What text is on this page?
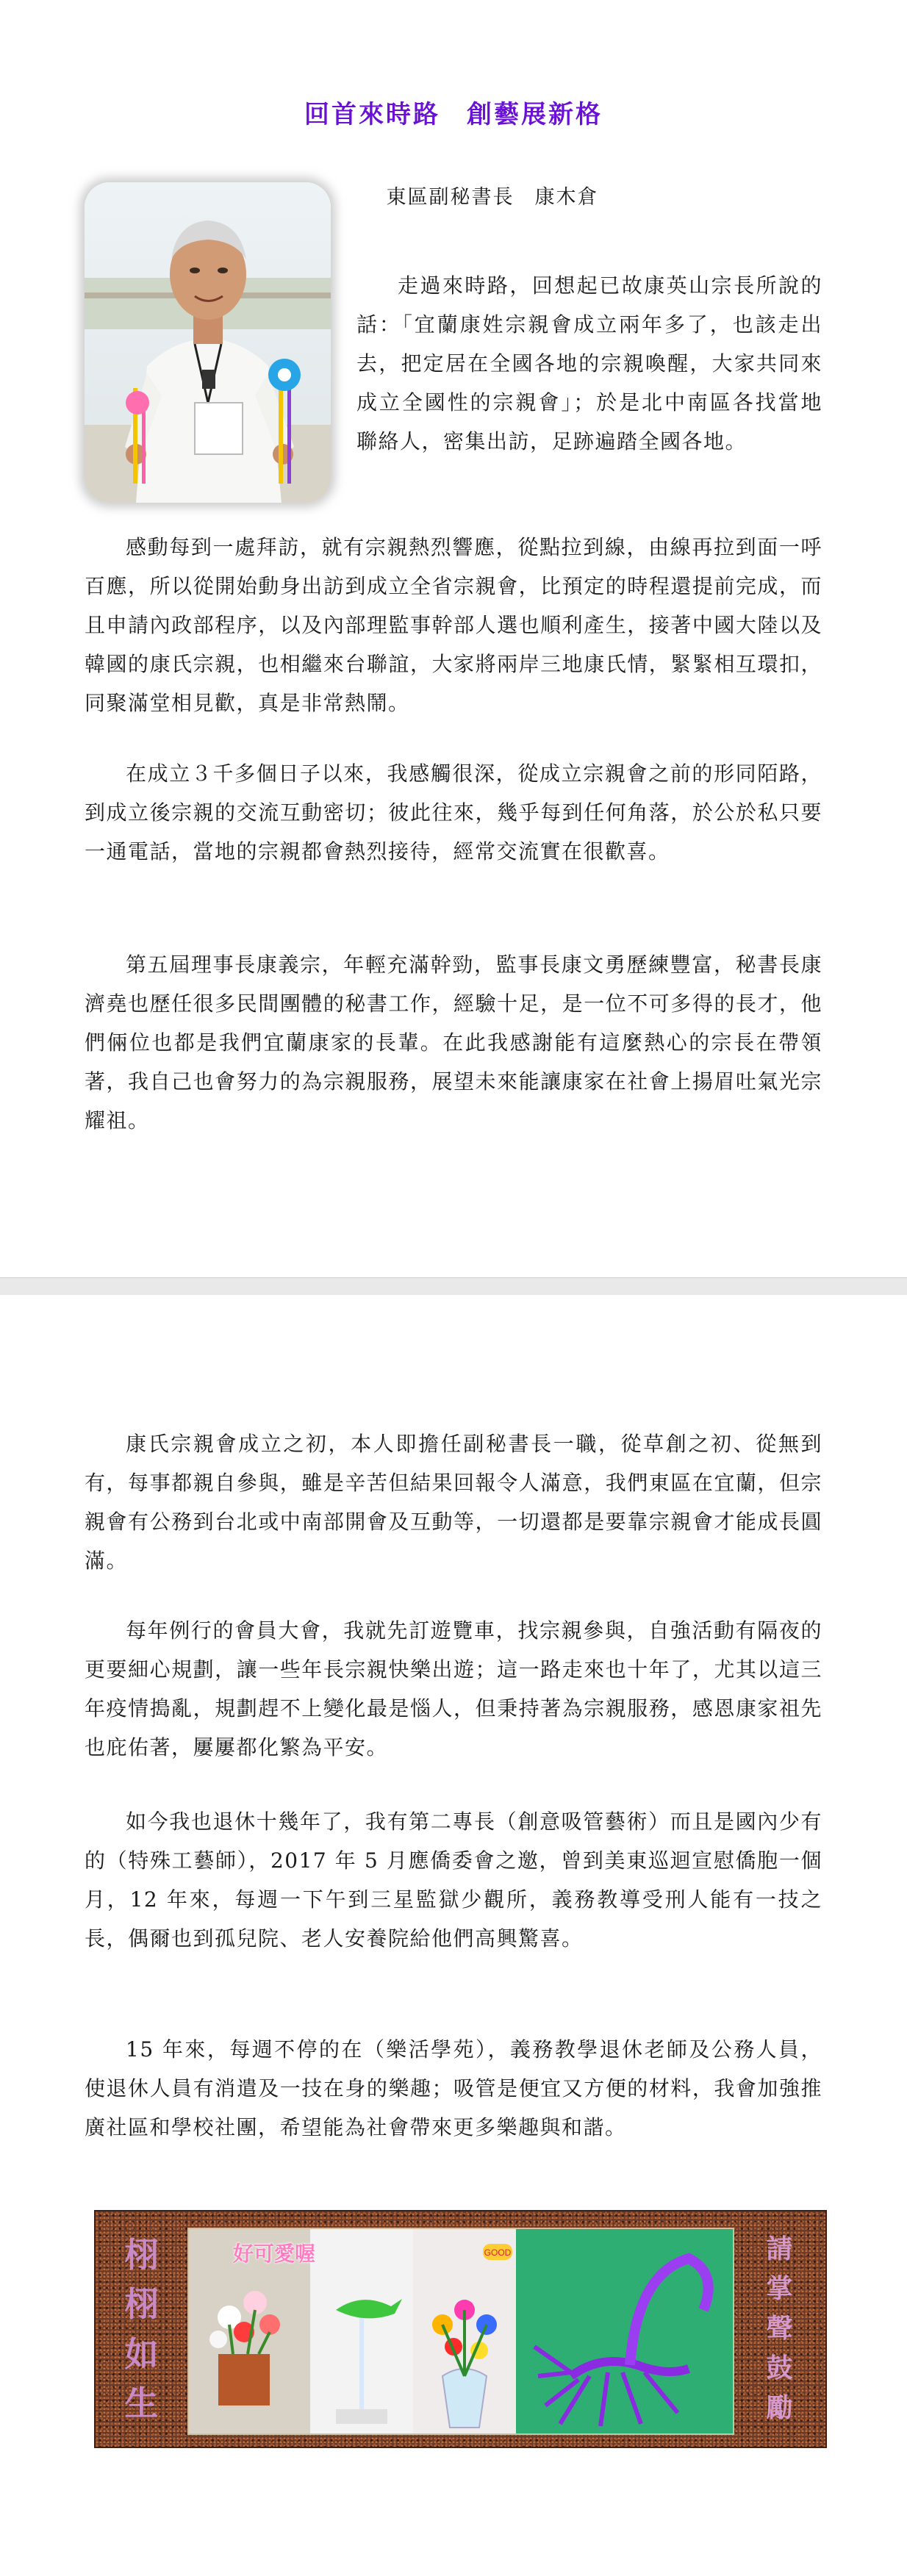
回首來時路 創藝展新格
東區副秘書長 康木倉

走過來時路，回想起已故康英山宗長所說的話：「宜蘭康姓宗親會成立兩年多了，也該走出去，把定居在全國各地的宗親喚醒，大家共同來成立全國性的宗親會」；於是北中南區各找當地聯絡人，密集出訪，足跡遍踏全國各地。

感動每到一處拜訪，就有宗親熱烈響應，從點拉到線，由線再拉到面一呼百應，所以從開始動身出訪到成立全省宗親會，比預定的時程還提前完成，而且申請內政部程序，以及內部理監事幹部人選也順利產生，接著中國大陸以及韓國的康氏宗親，也相繼來台聯誼，大家將兩岸三地康氏情，緊緊相互環扣，同聚滿堂相見歡，真是非常熱鬧。

在成立３千多個日子以來，我感觸很深，從成立宗親會之前的形同陌路，到成立後宗親的交流互動密切；彼此往來，幾乎每到任何角落，於公於私只要一通電話，當地的宗親都會熱烈接待，經常交流實在很歡喜。

第五屆理事長康義宗，年輕充滿幹勁，監事長康文勇歷練豐富，秘書長康濟堯也歷任很多民間團體的秘書工作，經驗十足，是一位不可多得的長才，他們倆位也都是我們宜蘭康家的長輩。在此我感謝能有這麼熱心的宗長在帶領著，我自己也會努力的為宗親服務，展望未來能讓康家在社會上揚眉吐氣光宗耀祖。

康氏宗親會成立之初，本人即擔任副秘書長一職，從草創之初、從無到有，每事都親自參與，雖是辛苦但結果回報令人滿意，我們東區在宜蘭，但宗親會有公務到台北或中南部開會及互動等，一切還都是要靠宗親會才能成長圓滿。

每年例行的會員大會，我就先訂遊覽車，找宗親參與，自強活動有隔夜的更要細心規劃，讓一些年長宗親快樂出遊；這一路走來也十年了，尤其以這三年疫情搗亂，規劃趕不上變化最是惱人，但秉持著為宗親服務，感恩康家祖先也庇佑著，屢屢都化繁為平安。

如今我也退休十幾年了，我有第二專長（創意吸管藝術）而且是國內少有的（特殊工藝師），2017 年 5 月應僑委會之邀，曾到美東巡迴宣慰僑胞一個月，12 年來，每週一下午到三星監獄少觀所，義務教導受刑人能有一技之長，偶爾也到孤兒院、老人安養院給他們高興驚喜。

15 年來，每週不停的在（樂活學苑），義務教學退休老師及公務人員，使退休人員有消遣及一技在身的樂趣；吸管是便宜又方便的材料，我會加強推廣社區和學校社團，希望能為社會帶來更多樂趣與和諧。

栩
栩
如
生
GOOD
好可愛喔	請
掌
聲
鼓
勵
